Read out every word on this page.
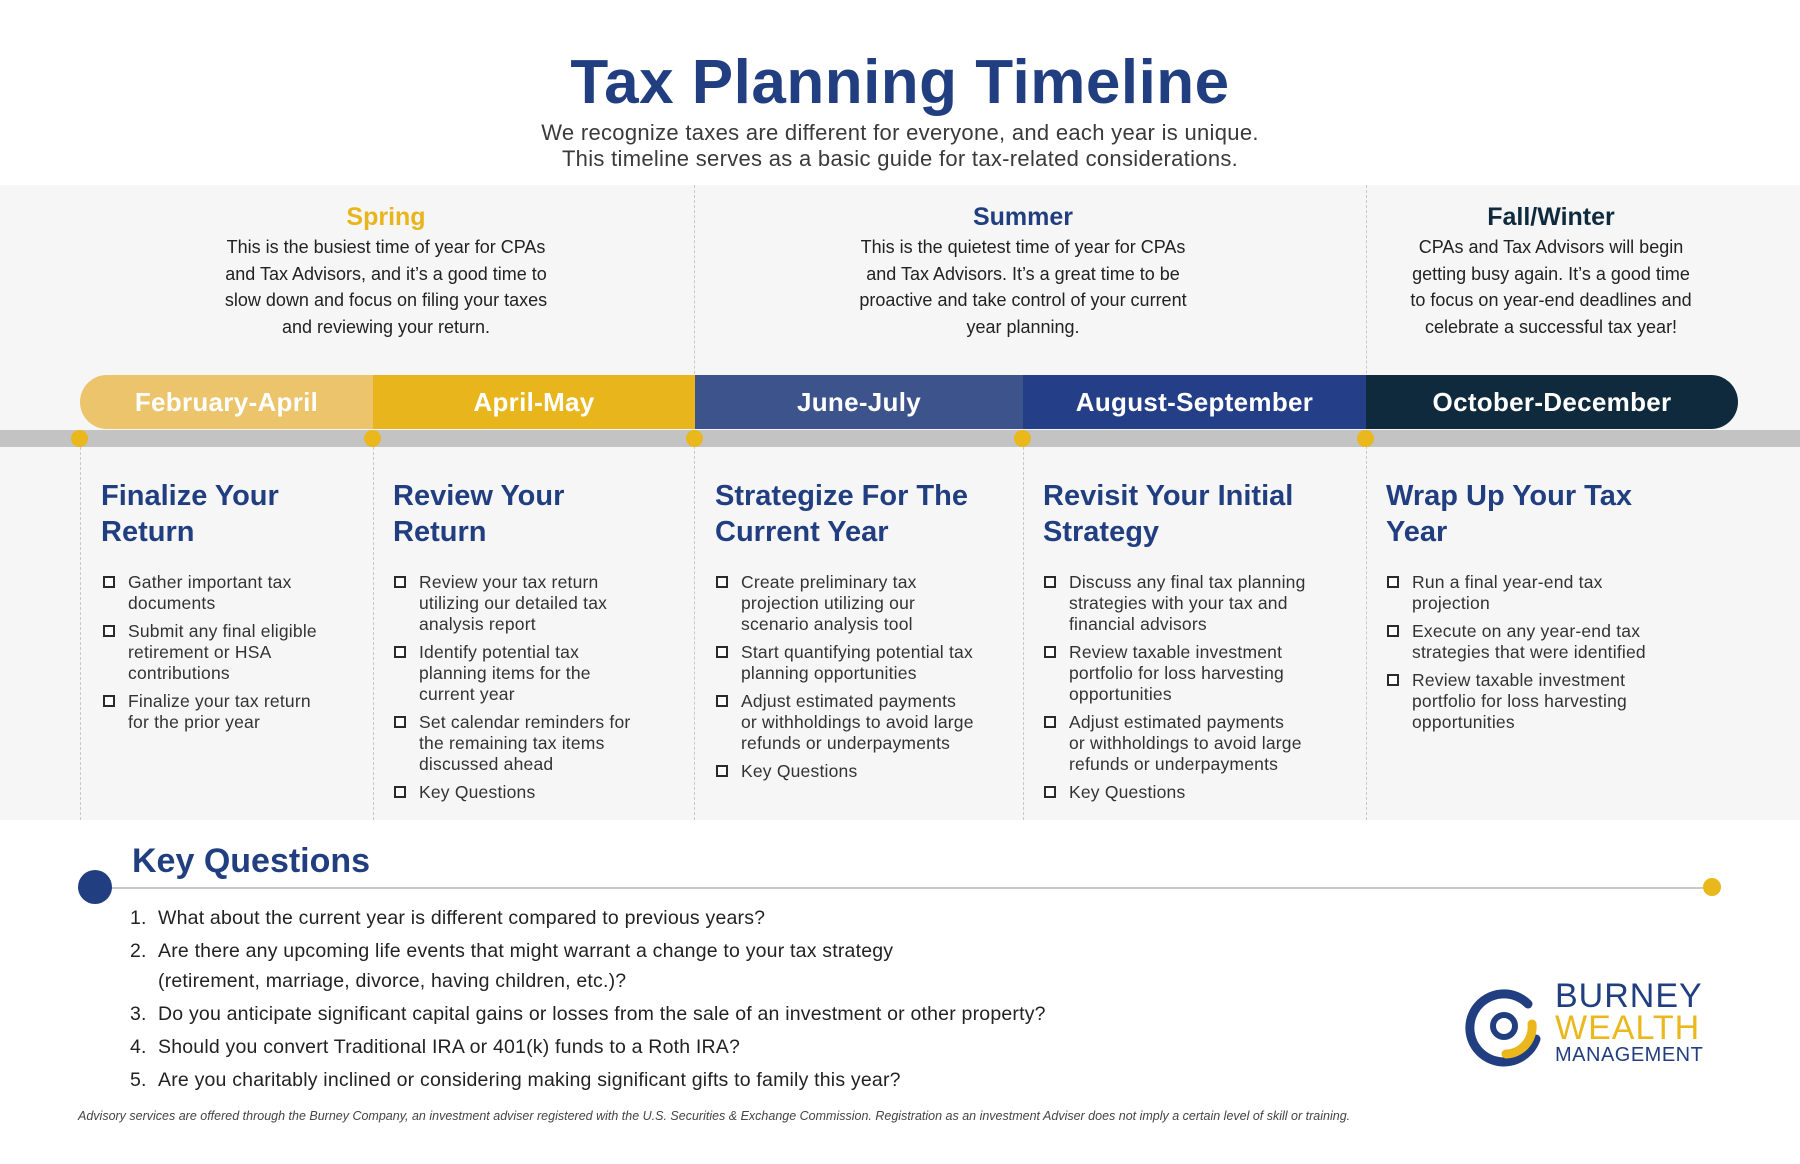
Tax Planning Timeline
We recognize taxes are different for everyone, and each year is unique.
This timeline serves as a basic guide for tax-related considerations.
Spring
This is the busiest time of year for CPAs
and Tax Advisors, and it’s a good time to
slow down and focus on filing your taxes
and reviewing your return.
Summer
This is the quietest time of year for CPAs
and Tax Advisors. It’s a great time to be
proactive and take control of your current
year planning.
Fall/Winter
CPAs and Tax Advisors will begin
getting busy again. It’s a good time
to focus on year-end deadlines and
celebrate a successful tax year!
February-April	April-May	June-July	August-September	October-December
Finalize Your
Return
Gather important tax
documents
Submit any final eligible
retirement or HSA
contributions
Finalize your tax return
for the prior year
Review Your
Return
Review your tax return
utilizing our detailed tax
analysis report
Identify potential tax
planning items for the
current year
Set calendar reminders for
the remaining tax items
discussed ahead
Key Questions
Strategize For The
Current Year
Create preliminary tax
projection utilizing our
scenario analysis tool
Start quantifying potential tax
planning opportunities
Adjust estimated payments
or withholdings to avoid large
refunds or underpayments
Key Questions
Revisit Your Initial
Strategy
Discuss any final tax planning
strategies with your tax and
financial advisors
Review taxable investment
portfolio for loss harvesting
opportunities
Adjust estimated payments
or withholdings to avoid large
refunds or underpayments
Key Questions
Wrap Up Your Tax
Year
Run a final year-end tax
projection
Execute on any year-end tax
strategies that were identified
Review taxable investment
portfolio for loss harvesting
opportunities
Key Questions
1. What about the current year is different compared to previous years?
2. Are there any upcoming life events that might warrant a change to your tax strategy
(retirement, marriage, divorce, having children, etc.)?
3. Do you anticipate significant capital gains or losses from the sale of an investment or other property?
4. Should you convert Traditional IRA or 401(k) funds to a Roth IRA?
5. Are you charitably inclined or considering making significant gifts to family this year?
BURNEY
WEALTH
MANAGEMENT
Advisory services are offered through the Burney Company, an investment adviser registered with the U.S. Securities & Exchange Commission. Registration as an investment Adviser does not imply a certain level of skill or training.
